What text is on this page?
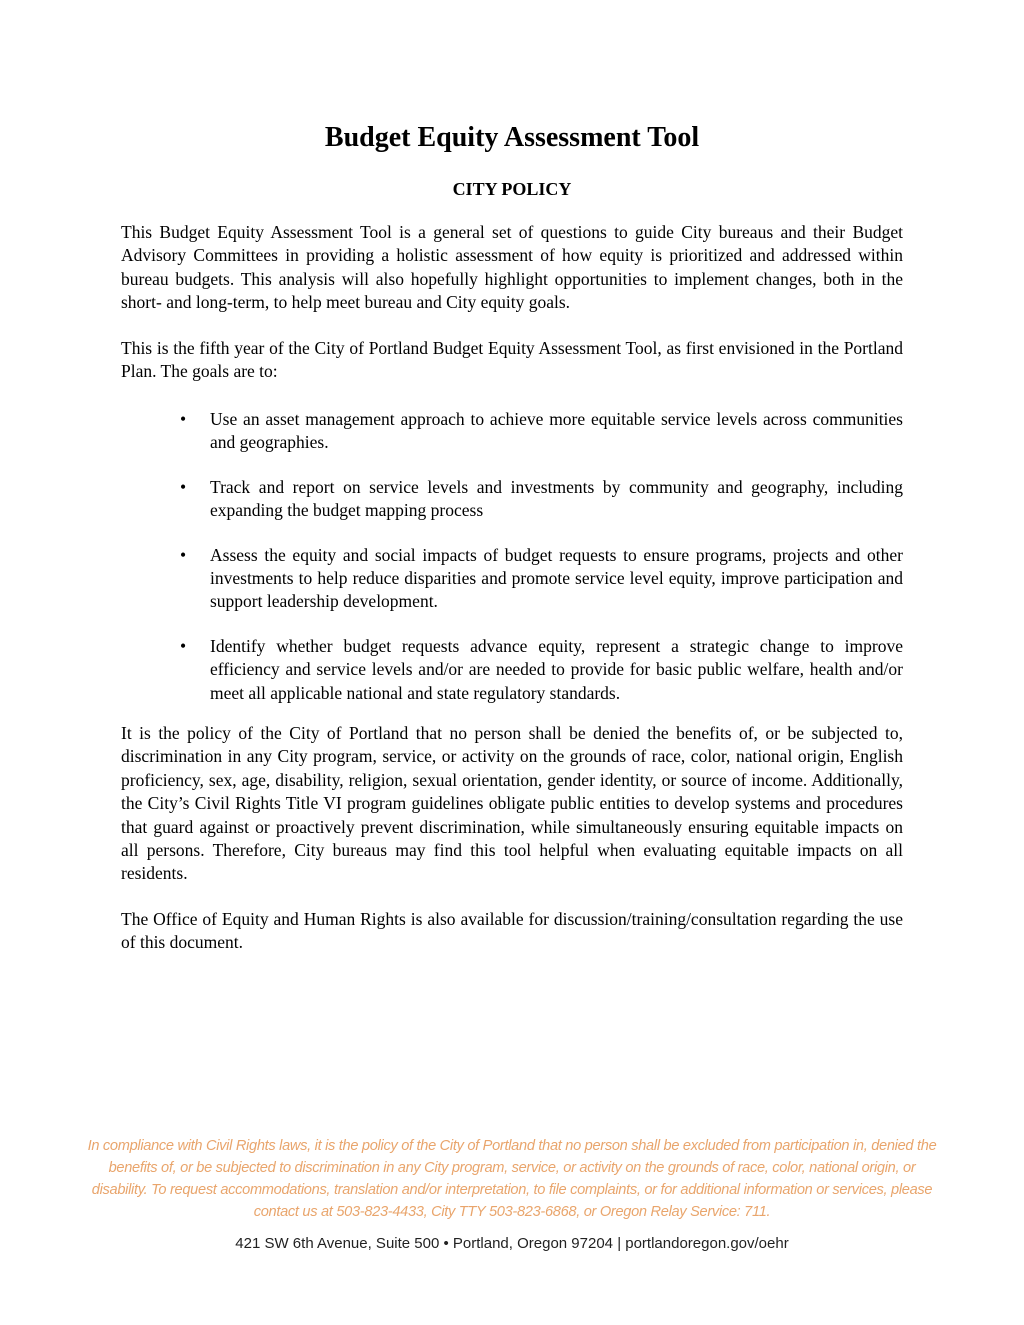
Budget Equity Assessment Tool
CITY POLICY

This Budget Equity Assessment Tool is a general set of questions to guide City bureaus and their Budget Advisory Committees in providing a holistic assessment of how equity is prioritized and addressed within bureau budgets. This analysis will also hopefully highlight opportunities to implement changes, both in the short- and long-term, to help meet bureau and City equity goals.

This is the fifth year of the City of Portland Budget Equity Assessment Tool, as first envisioned in the Portland Plan. The goals are to:

• Use an asset management approach to achieve more equitable service levels across communities and geographies.
• Track and report on service levels and investments by community and geography, including expanding the budget mapping process
• Assess the equity and social impacts of budget requests to ensure programs, projects and other investments to help reduce disparities and promote service level equity, improve participation and support leadership development.
• Identify whether budget requests advance equity, represent a strategic change to improve efficiency and service levels and/or are needed to provide for basic public welfare, health and/or meet all applicable national and state regulatory standards.

It is the policy of the City of Portland that no person shall be denied the benefits of, or be subjected to, discrimination in any City program, service, or activity on the grounds of race, color, national origin, English proficiency, sex, age, disability, religion, sexual orientation, gender identity, or source of income. Additionally, the City’s Civil Rights Title VI program guidelines obligate public entities to develop systems and procedures that guard against or proactively prevent discrimination, while simultaneously ensuring equitable impacts on all persons. Therefore, City bureaus may find this tool helpful when evaluating equitable impacts on all residents.

The Office of Equity and Human Rights is also available for discussion/training/consultation regarding the use of this document.

In compliance with Civil Rights laws, it is the policy of the City of Portland that no person shall be excluded from participation in, denied the benefits of, or be subjected to discrimination in any City program, service, or activity on the grounds of race, color, national origin, or disability. To request accommodations, translation and/or interpretation, to file complaints, or for additional information or services, please contact us at 503-823-4433, City TTY 503-823-6868, or Oregon Relay Service: 711.

421 SW 6th Avenue, Suite 500 • Portland, Oregon 97204 | portlandoregon.gov/oehr
